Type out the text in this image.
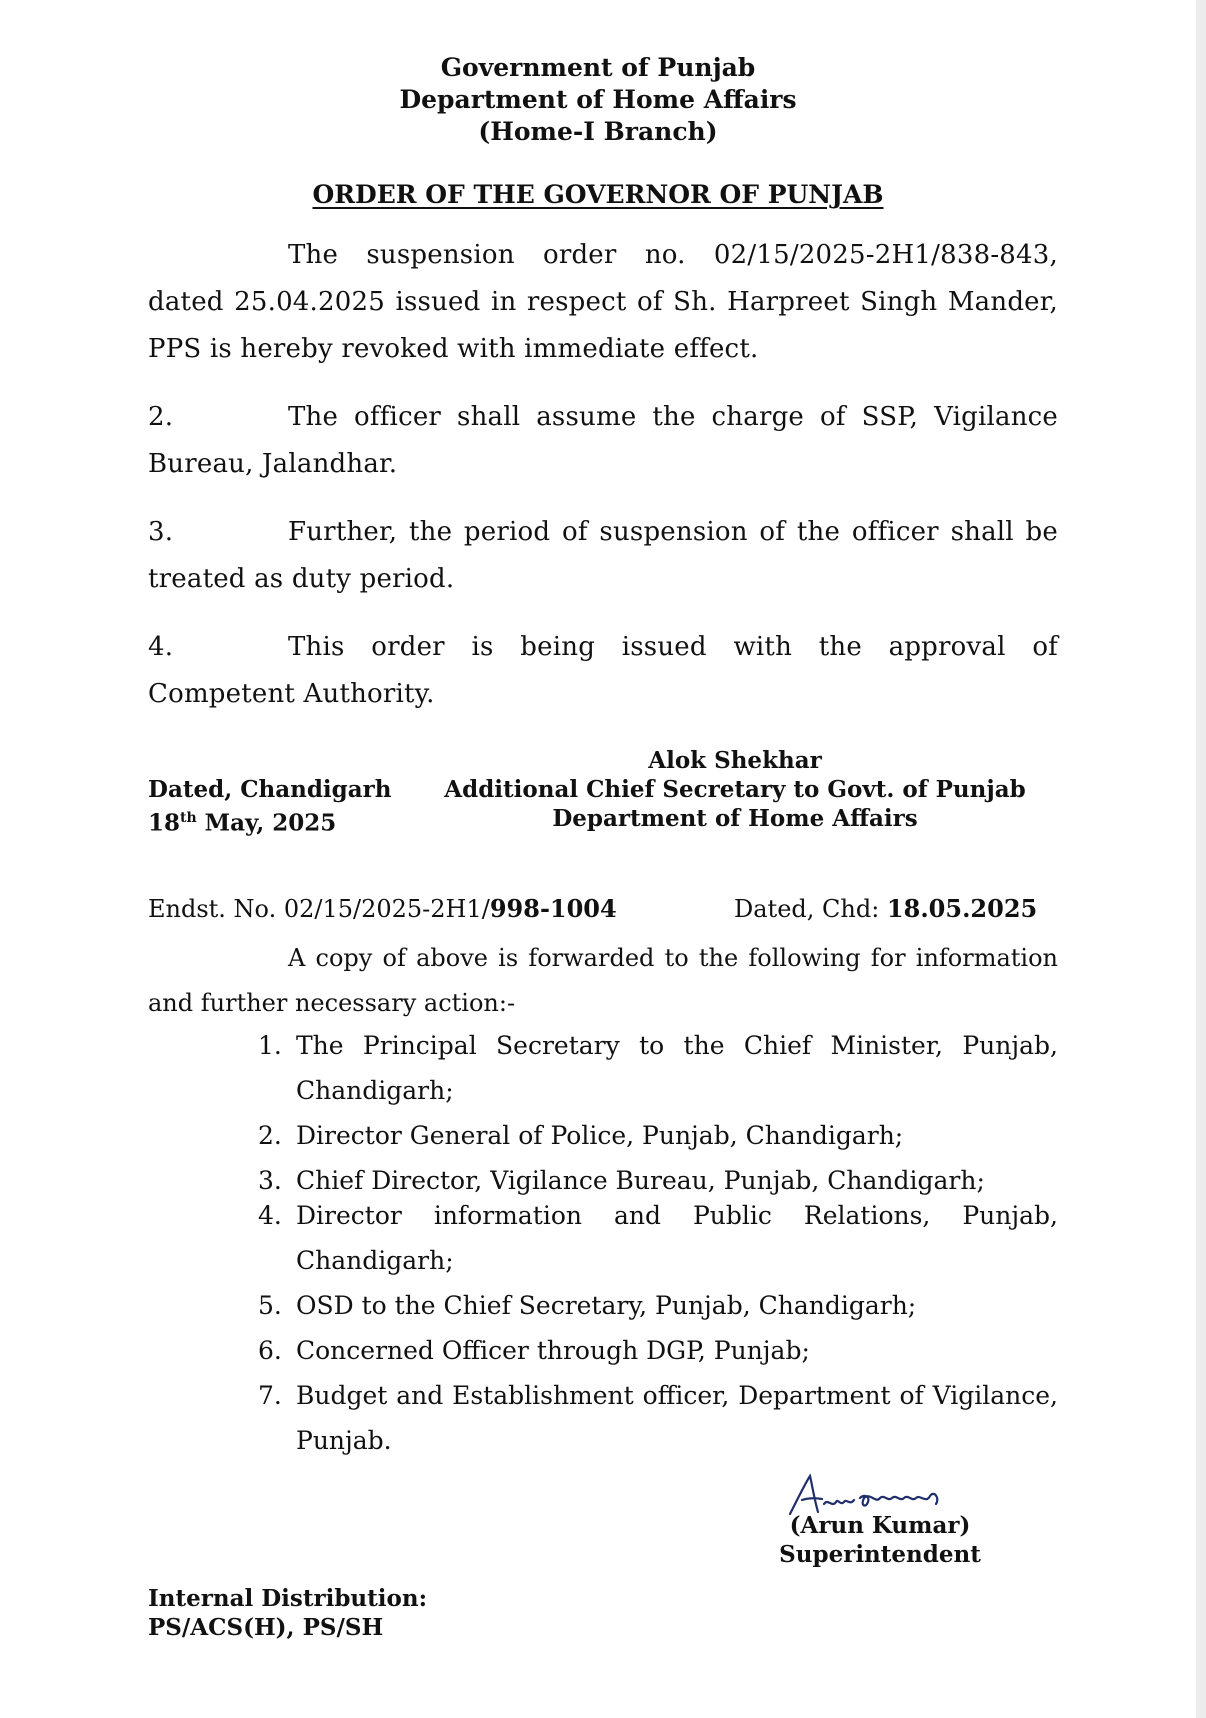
Government of Punjab
Department of Home Affairs
(Home-I Branch)
ORDER OF THE GOVERNOR OF PUNJAB
The suspension order no. 02/15/2025-2H1/838-843, dated 25.04.2025 issued in respect of Sh. Harpreet Singh Mander, PPS is hereby revoked with immediate effect.
2.	The officer shall assume the charge of SSP, Vigilance Bureau, Jalandhar.
3.	Further, the period of suspension of the officer shall be treated as duty period.
4.	This order is being issued with the approval of Competent Authority.
Alok Shekhar
Additional Chief Secretary to Govt. of Punjab
Department of Home Affairs
Dated, Chandigarh
18th May, 2025
Endst. No. 02/15/2025-2H1/998-1004	Dated, Chd: 18.05.2025
A copy of above is forwarded to the following for information and further necessary action:-
1. The Principal Secretary to the Chief Minister, Punjab, Chandigarh;
2. Director General of Police, Punjab, Chandigarh;
3. Chief Director, Vigilance Bureau, Punjab, Chandigarh;
4. Director information and Public Relations, Punjab, Chandigarh;
5. OSD to the Chief Secretary, Punjab, Chandigarh;
6. Concerned Officer through DGP, Punjab;
7. Budget and Establishment officer, Department of Vigilance, Punjab.
(Arun Kumar)
Superintendent
Internal Distribution:
PS/ACS(H), PS/SH
